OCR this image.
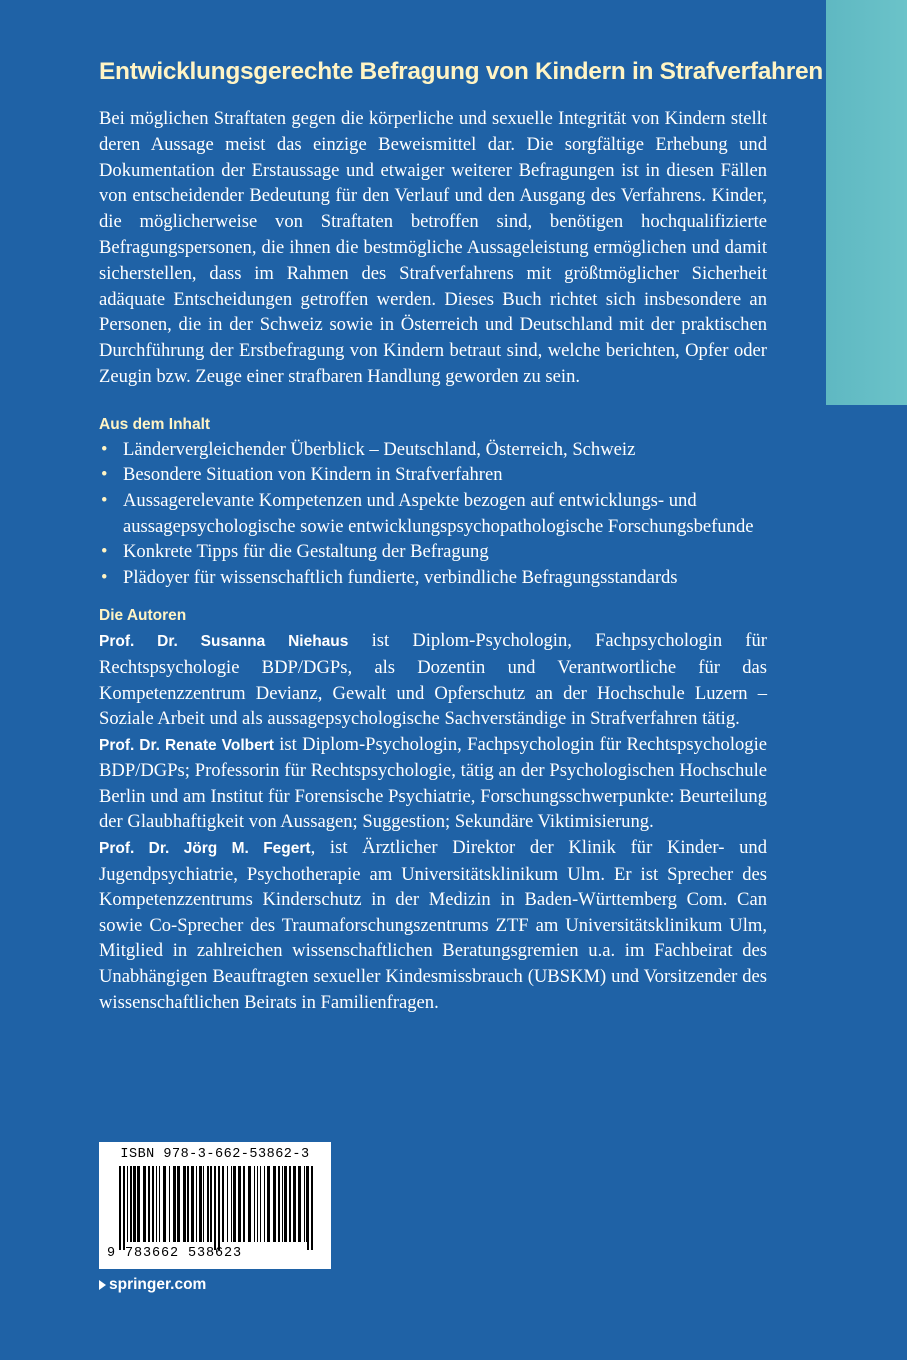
Entwicklungsgerechte Befragung von Kindern in Strafverfahren

Bei möglichen Straftaten gegen die körperliche und sexuelle Integrität von Kindern stellt deren Aussage meist das einzige Beweismittel dar. Die sorgfältige Erhebung und Dokumentation der Erstaussage und etwaiger weiterer Befragungen ist in diesen Fällen von entscheidender Bedeutung für den Verlauf und den Ausgang des Verfahrens. Kinder, die möglicherweise von Straftaten betroffen sind, benötigen hochqualifizierte Befragungspersonen, die ihnen die bestmögliche Aussageleistung ermöglichen und damit sicherstellen, dass im Rahmen des Strafverfahrens mit größtmöglicher Sicherheit adäquate Entscheidungen getroffen werden. Dieses Buch richtet sich insbesondere an Personen, die in der Schweiz sowie in Österreich und Deutschland mit der praktischen Durchführung der Erstbefragung von Kindern betraut sind, welche berichten, Opfer oder Zeugin bzw. Zeuge einer strafbaren Handlung geworden zu sein.

Aus dem Inhalt
• Ländervergleichender Überblick – Deutschland, Österreich, Schweiz
• Besondere Situation von Kindern in Strafverfahren
• Aussagerelevante Kompetenzen und Aspekte bezogen auf entwicklungs- und aussagepsychologische sowie entwicklungspsychopathologische Forschungsbefunde
• Konkrete Tipps für die Gestaltung der Befragung
• Plädoyer für wissenschaftlich fundierte, verbindliche Befragungsstandards
Die Autoren

Prof. Dr. Susanna Niehaus ist Diplom-Psychologin, Fachpsychologin für Rechtspsychologie BDP/DGPs, als Dozentin und Verantwortliche für das Kompetenzzentrum Devianz, Gewalt und Opferschutz an der Hochschule Luzern – Soziale Arbeit und als aussagepsychologische Sachverständige in Strafverfahren tätig.

Prof. Dr. Renate Volbert ist Diplom-Psychologin, Fachpsychologin für Rechtspsychologie BDP/DGPs; Professorin für Rechtspsychologie, tätig an der Psychologischen Hochschule Berlin und am Institut für Forensische Psychiatrie, Forschungsschwerpunkte: Beurteilung der Glaubhaftigkeit von Aussagen; Suggestion; Sekundäre Viktimisierung.

Prof. Dr. Jörg M. Fegert, ist Ärztlicher Direktor der Klinik für Kinder- und Jugendpsychiatrie, Psychotherapie am Universitätsklinikum Ulm. Er ist Sprecher des Kompetenzzentrums Kinderschutz in der Medizin in Baden-Württemberg Com. Can sowie Co-Sprecher des Traumaforschungszentrums ZTF am Universitätsklinikum Ulm, Mitglied in zahlreichen wissenschaftlichen Beratungsgremien u.a. im Fachbeirat des Unabhängigen Beauftragten sexueller Kindesmissbrauch (UBSKM) und Vorsitzender des wissenschaftlichen Beirats in Familienfragen.

ISBN 978-3-662-53862-3
9 783662 538623
springer.com
